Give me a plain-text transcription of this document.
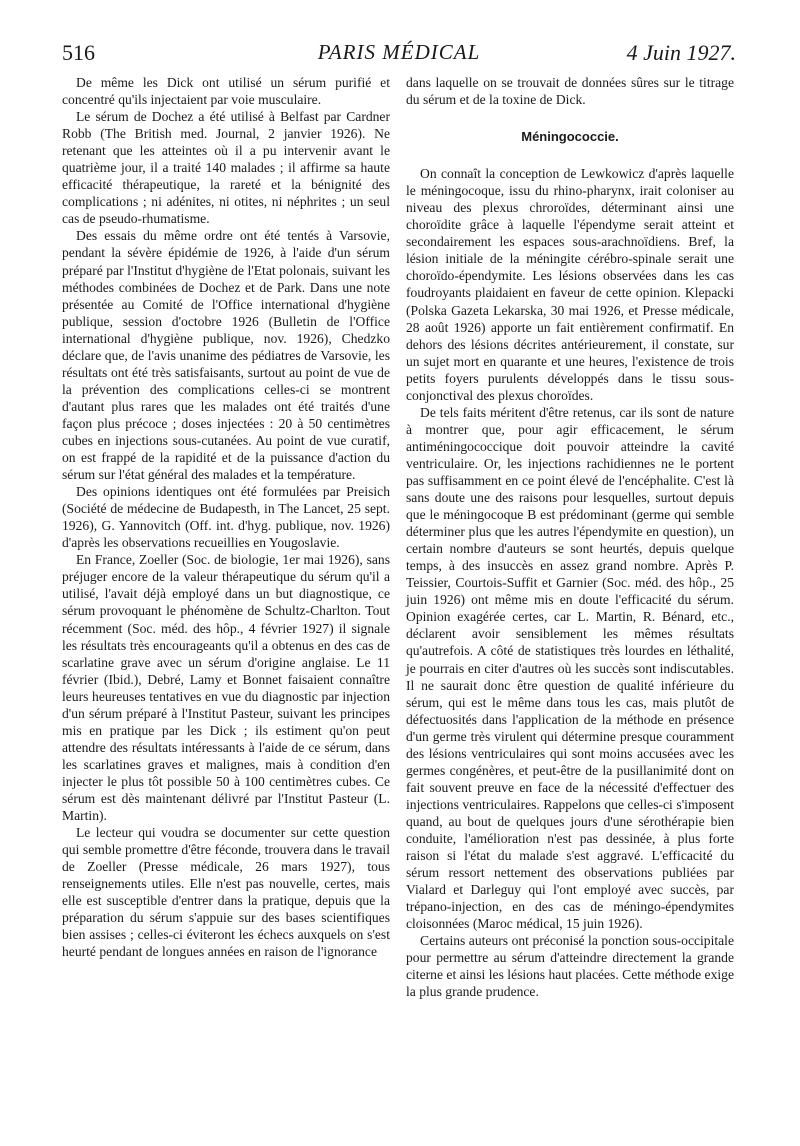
516	PARIS MÉDICAL	4 Juin 1927.

De même les Dick ont utilisé un sérum purifié et concentré qu'ils injectaient par voie musculaire.

Le sérum de Dochez a été utilisé à Belfast par Cardner Robb (The British med. Journal, 2 janvier 1926). Ne retenant que les atteintes où il a pu intervenir avant le quatrième jour, il a traité 140 malades ; il affirme sa haute efficacité thérapeutique, la rareté et la bénignité des complications ; ni adénites, ni otites, ni néphrites ; un seul cas de pseudo-rhumatisme.

Des essais du même ordre ont été tentés à Varsovie, pendant la sévère épidémie de 1926, à l'aide d'un sérum préparé par l'Institut d'hygiène de l'Etat polonais, suivant les méthodes combinées de Dochez et de Park. Dans une note présentée au Comité de l'Office international d'hygiène publique, session d'octobre 1926 (Bulletin de l'Office international d'hygiène publique, nov. 1926), Chedzko déclare que, de l'avis unanime des pédiatres de Varsovie, les résultats ont été très satisfaisants, surtout au point de vue de la prévention des complications celles-ci se montrent d'autant plus rares que les malades ont été traités d'une façon plus précoce ; doses injectées : 20 à 50 centimètres cubes en injections sous-cutanées. Au point de vue curatif, on est frappé de la rapidité et de la puissance d'action du sérum sur l'état général des malades et la température.

Des opinions identiques ont été formulées par Preisich (Société de médecine de Budapesth, in The Lancet, 25 sept. 1926), G. Yannovitch (Off. int. d'hyg. publique, nov. 1926) d'après les observations recueillies en Yougoslavie.

En France, Zoeller (Soc. de biologie, 1er mai 1926), sans préjuger encore de la valeur thérapeutique du sérum qu'il a utilisé, l'avait déjà employé dans un but diagnostique, ce sérum provoquant le phénomène de Schultz-Charlton. Tout récemment (Soc. méd. des hôp., 4 février 1927) il signale les résultats très encourageants qu'il a obtenus en des cas de scarlatine grave avec un sérum d'origine anglaise. Le 11 février (Ibid.), Debré, Lamy et Bonnet faisaient connaître leurs heureuses tentatives en vue du diagnostic par injection d'un sérum préparé à l'Institut Pasteur, suivant les principes mis en pratique par les Dick ; ils estiment qu'on peut attendre des résultats intéressants à l'aide de ce sérum, dans les scarlatines graves et malignes, mais à condition d'en injecter le plus tôt possible 50 à 100 centimètres cubes. Ce sérum est dès maintenant délivré par l'Institut Pasteur (L. Martin).

Le lecteur qui voudra se documenter sur cette question qui semble promettre d'être féconde, trouvera dans le travail de Zoeller (Presse médicale, 26 mars 1927), tous renseignements utiles. Elle n'est pas nouvelle, certes, mais elle est susceptible d'entrer dans la pratique, depuis que la préparation du sérum s'appuie sur des bases scientifiques bien assises ; celles-ci éviteront les échecs auxquels on s'est heurté pendant de longues années en raison de l'ignorance

dans laquelle on se trouvait de données sûres sur le titrage du sérum et de la toxine de Dick.

Méningococcie.

On connaît la conception de Lewkowicz d'après laquelle le méningocoque, issu du rhino-pharynx, irait coloniser au niveau des plexus chroroïdes, déterminant ainsi une choroïdite grâce à laquelle l'épendyme serait atteint et secondairement les espaces sous-arachnoïdiens. Bref, la lésion initiale de la méningite cérébro-spinale serait une choroïdo-épendymite. Les lésions observées dans les cas foudroyants plaidaient en faveur de cette opinion. Klepacki (Polska Gazeta Lekarska, 30 mai 1926, et Presse médicale, 28 août 1926) apporte un fait entièrement confirmatif. En dehors des lésions décrites antérieurement, il constate, sur un sujet mort en quarante et une heures, l'existence de trois petits foyers purulents développés dans le tissu sous-conjonctival des plexus choroïdes.

De tels faits méritent d'être retenus, car ils sont de nature à montrer que, pour agir efficacement, le sérum antiméningococcique doit pouvoir atteindre la cavité ventriculaire. Or, les injections rachidiennes ne le portent pas suffisamment en ce point élevé de l'encéphalite. C'est là sans doute une des raisons pour lesquelles, surtout depuis que le méningocoque B est prédominant (germe qui semble déterminer plus que les autres l'épendymite en question), un certain nombre d'auteurs se sont heurtés, depuis quelque temps, à des insuccès en assez grand nombre. Après P. Teissier, Courtois-Suffit et Garnier (Soc. méd. des hôp., 25 juin 1926) ont même mis en doute l'efficacité du sérum. Opinion exagérée certes, car L. Martin, R. Bénard, etc., déclarent avoir sensiblement les mêmes résultats qu'autrefois. A côté de statistiques très lourdes en léthalité, je pourrais en citer d'autres où les succès sont indiscutables. Il ne saurait donc être question de qualité inférieure du sérum, qui est le même dans tous les cas, mais plutôt de défectuosités dans l'application de la méthode en présence d'un germe très virulent qui détermine presque couramment des lésions ventriculaires qui sont moins accusées avec les germes congénères, et peut-être de la pusillanimité dont on fait souvent preuve en face de la nécessité d'effectuer des injections ventriculaires. Rappelons que celles-ci s'imposent quand, au bout de quelques jours d'une sérothérapie bien conduite, l'amélioration n'est pas dessinée, à plus forte raison si l'état du malade s'est aggravé. L'efficacité du sérum ressort nettement des observations publiées par Vialard et Darleguy qui l'ont employé avec succès, par trépano-injection, en des cas de méningo-épendymites cloisonnées (Maroc médical, 15 juin 1926).

Certains auteurs ont préconisé la ponction sous-occipitale pour permettre au sérum d'atteindre directement la grande citerne et ainsi les lésions haut placées. Cette méthode exige la plus grande prudence.
